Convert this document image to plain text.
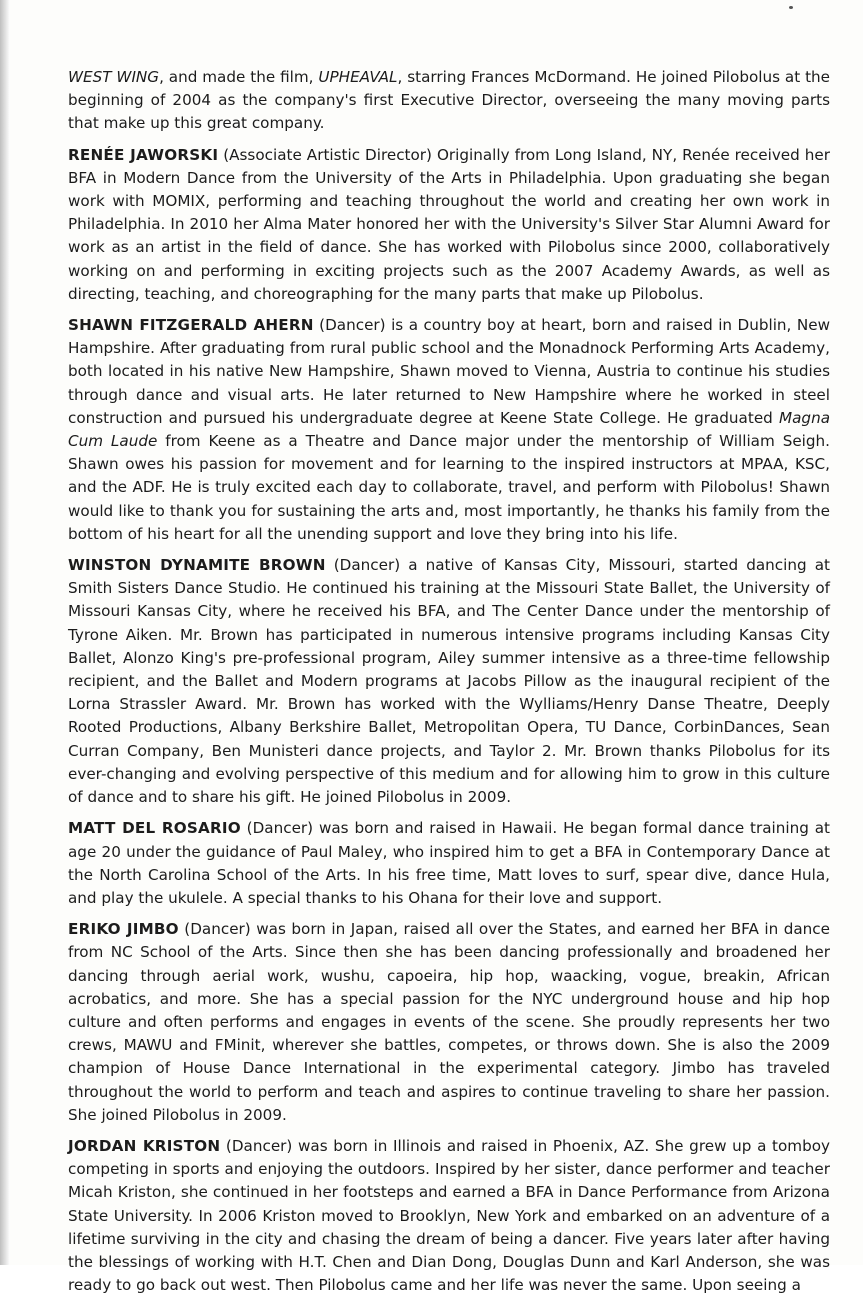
WEST WING, and made the film, UPHEAVAL, starring Frances McDormand. He joined Pilobolus at the beginning of 2004 as the company's first Executive Director, overseeing the many moving parts that make up this great company.

RENÉE JAWORSKI (Associate Artistic Director) Originally from Long Island, NY, Renée received her BFA in Modern Dance from the University of the Arts in Philadelphia. Upon graduating she began work with MOMIX, performing and teaching throughout the world and creating her own work in Philadelphia. In 2010 her Alma Mater honored her with the University's Silver Star Alumni Award for work as an artist in the field of dance. She has worked with Pilobolus since 2000, collaboratively working on and performing in exciting projects such as the 2007 Academy Awards, as well as directing, teaching, and choreographing for the many parts that make up Pilobolus.

SHAWN FITZGERALD AHERN (Dancer) is a country boy at heart, born and raised in Dublin, New Hampshire. After graduating from rural public school and the Monadnock Performing Arts Academy, both located in his native New Hampshire, Shawn moved to Vienna, Austria to continue his studies through dance and visual arts. He later returned to New Hampshire where he worked in steel construction and pursued his undergraduate degree at Keene State College. He graduated Magna Cum Laude from Keene as a Theatre and Dance major under the mentorship of William Seigh. Shawn owes his passion for movement and for learning to the inspired instructors at MPAA, KSC, and the ADF. He is truly excited each day to collaborate, travel, and perform with Pilobolus! Shawn would like to thank you for sustaining the arts and, most importantly, he thanks his family from the bottom of his heart for all the unending support and love they bring into his life.

WINSTON DYNAMITE BROWN (Dancer) a native of Kansas City, Missouri, started dancing at Smith Sisters Dance Studio. He continued his training at the Missouri State Ballet, the University of Missouri Kansas City, where he received his BFA, and The Center Dance under the mentorship of Tyrone Aiken. Mr. Brown has participated in numerous intensive programs including Kansas City Ballet, Alonzo King's pre-professional program, Ailey summer intensive as a three-time fellowship recipient, and the Ballet and Modern programs at Jacobs Pillow as the inaugural recipient of the Lorna Strassler Award. Mr. Brown has worked with the Wylliams/Henry Danse Theatre, Deeply Rooted Productions, Albany Berkshire Ballet, Metropolitan Opera, TU Dance, CorbinDances, Sean Curran Company, Ben Munisteri dance projects, and Taylor 2. Mr. Brown thanks Pilobolus for its ever-changing and evolving perspective of this medium and for allowing him to grow in this culture of dance and to share his gift. He joined Pilobolus in 2009.

MATT DEL ROSARIO (Dancer) was born and raised in Hawaii. He began formal dance training at age 20 under the guidance of Paul Maley, who inspired him to get a BFA in Contemporary Dance at the North Carolina School of the Arts. In his free time, Matt loves to surf, spear dive, dance Hula, and play the ukulele. A special thanks to his Ohana for their love and support.

ERIKO JIMBO (Dancer) was born in Japan, raised all over the States, and earned her BFA in dance from NC School of the Arts. Since then she has been dancing professionally and broadened her dancing through aerial work, wushu, capoeira, hip hop, waacking, vogue, breakin, African acrobatics, and more. She has a special passion for the NYC underground house and hip hop culture and often performs and engages in events of the scene. She proudly represents her two crews, MAWU and FMinit, wherever she battles, competes, or throws down. She is also the 2009 champion of House Dance International in the experimental category. Jimbo has traveled throughout the world to perform and teach and aspires to continue traveling to share her passion. She joined Pilobolus in 2009.

JORDAN KRISTON (Dancer) was born in Illinois and raised in Phoenix, AZ. She grew up a tomboy competing in sports and enjoying the outdoors. Inspired by her sister, dance performer and teacher Micah Kriston, she continued in her footsteps and earned a BFA in Dance Performance from Arizona State University. In 2006 Kriston moved to Brooklyn, New York and embarked on an adventure of a lifetime surviving in the city and chasing the dream of being a dancer. Five years later after having the blessings of working with H.T. Chen and Dian Dong, Douglas Dunn and Karl Anderson, she was ready to go back out west. Then Pilobolus came and her life was never the same. Upon seeing a
